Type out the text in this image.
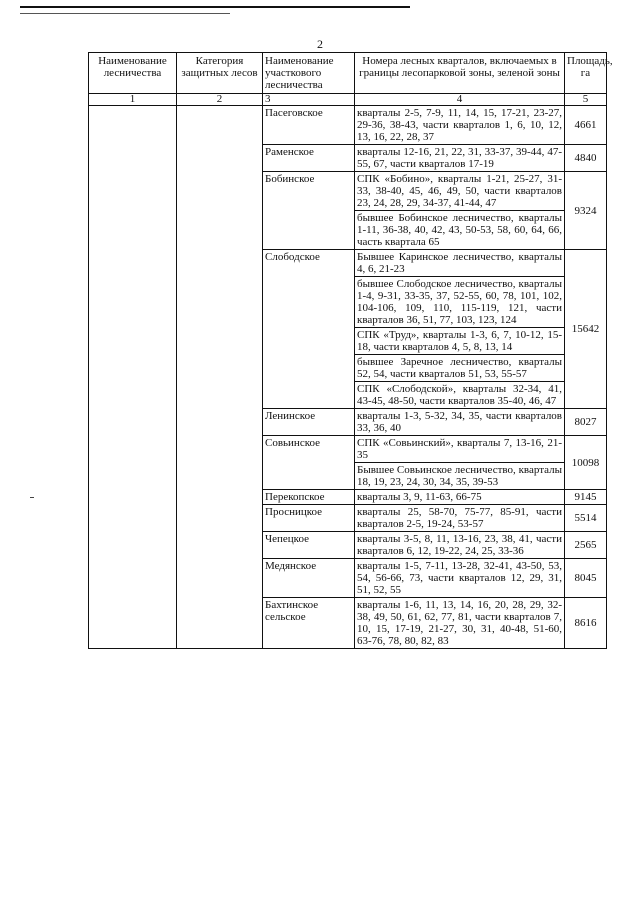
2
Наименование лесничества	Категория защитных лесов	Наименование участкового лесничества	Номера лесных кварталов, включаемых в границы лесопарковой зоны, зеленой зоны	Площадь, га
1	2	3	4	5
		Пасеговское	кварталы 2-5, 7-9, 11, 14, 15, 17-21, 23-27, 29-36, 38-43, части кварталов 1, 6, 10, 12, 13, 16, 22, 28, 37	4661
		Раменское	кварталы 12-16, 21, 22, 31, 33-37, 39-44, 47-55, 67, части кварталов 17-19	4840
		Бобинское	СПК «Бобино», кварталы 1-21, 25-27, 31-33, 38-40, 45, 46, 49, 50, части кварталов 23, 24, 28, 29, 34-37, 41-44, 47	9324
			бывшее Бобинское лесничество, кварталы 1-11, 36-38, 40, 42, 43, 50-53, 58, 60, 64, 66, часть квартала 65	
		Слободское	Бывшее Каринское лесничество, кварталы 4, 6, 21-23	15642
			бывшее Слободское лесничество, кварталы 1-4, 9-31, 33-35, 37, 52-55, 60, 78, 101, 102, 104-106, 109, 110, 115-119, 121, части кварталов 36, 51, 77, 103, 123, 124	
			СПК «Труд», кварталы 1-3, 6, 7, 10-12, 15-18, части кварталов 4, 5, 8, 13, 14	
			бывшее Заречное лесничество, кварталы 52, 54, части кварталов 51, 53, 55-57	
			СПК «Слободской», кварталы 32-34, 41, 43-45, 48-50, части кварталов 35-40, 46, 47	
		Ленинское	кварталы 1-3, 5-32, 34, 35, части кварталов 33, 36, 40	8027
		Совьинское	СПК «Совьинский», кварталы 7, 13-16, 21-35	10098
			Бывшее Совьинское лесничество, кварталы 18, 19, 23, 24, 30, 34, 35, 39-53	
		Перекопское	кварталы 3, 9, 11-63, 66-75	9145
		Просницкое	кварталы 25, 58-70, 75-77, 85-91, части кварталов 2-5, 19-24, 53-57	5514
		Чепецкое	кварталы 3-5, 8, 11, 13-16, 23, 38, 41, части кварталов 6, 12, 19-22, 24, 25, 33-36	2565
		Медянское	кварталы 1-5, 7-11, 13-28, 32-41, 43-50, 53, 54, 56-66, 73, части кварталов 12, 29, 31, 51, 52, 55	8045
		Бахтинское сельское	кварталы 1-6, 11, 13, 14, 16, 20, 28, 29, 32-38, 49, 50, 61, 62, 77, 81, части кварталов 7, 10, 15, 17-19, 21-27, 30, 31, 40-48, 51-60, 63-76, 78, 80, 82, 83	8616
